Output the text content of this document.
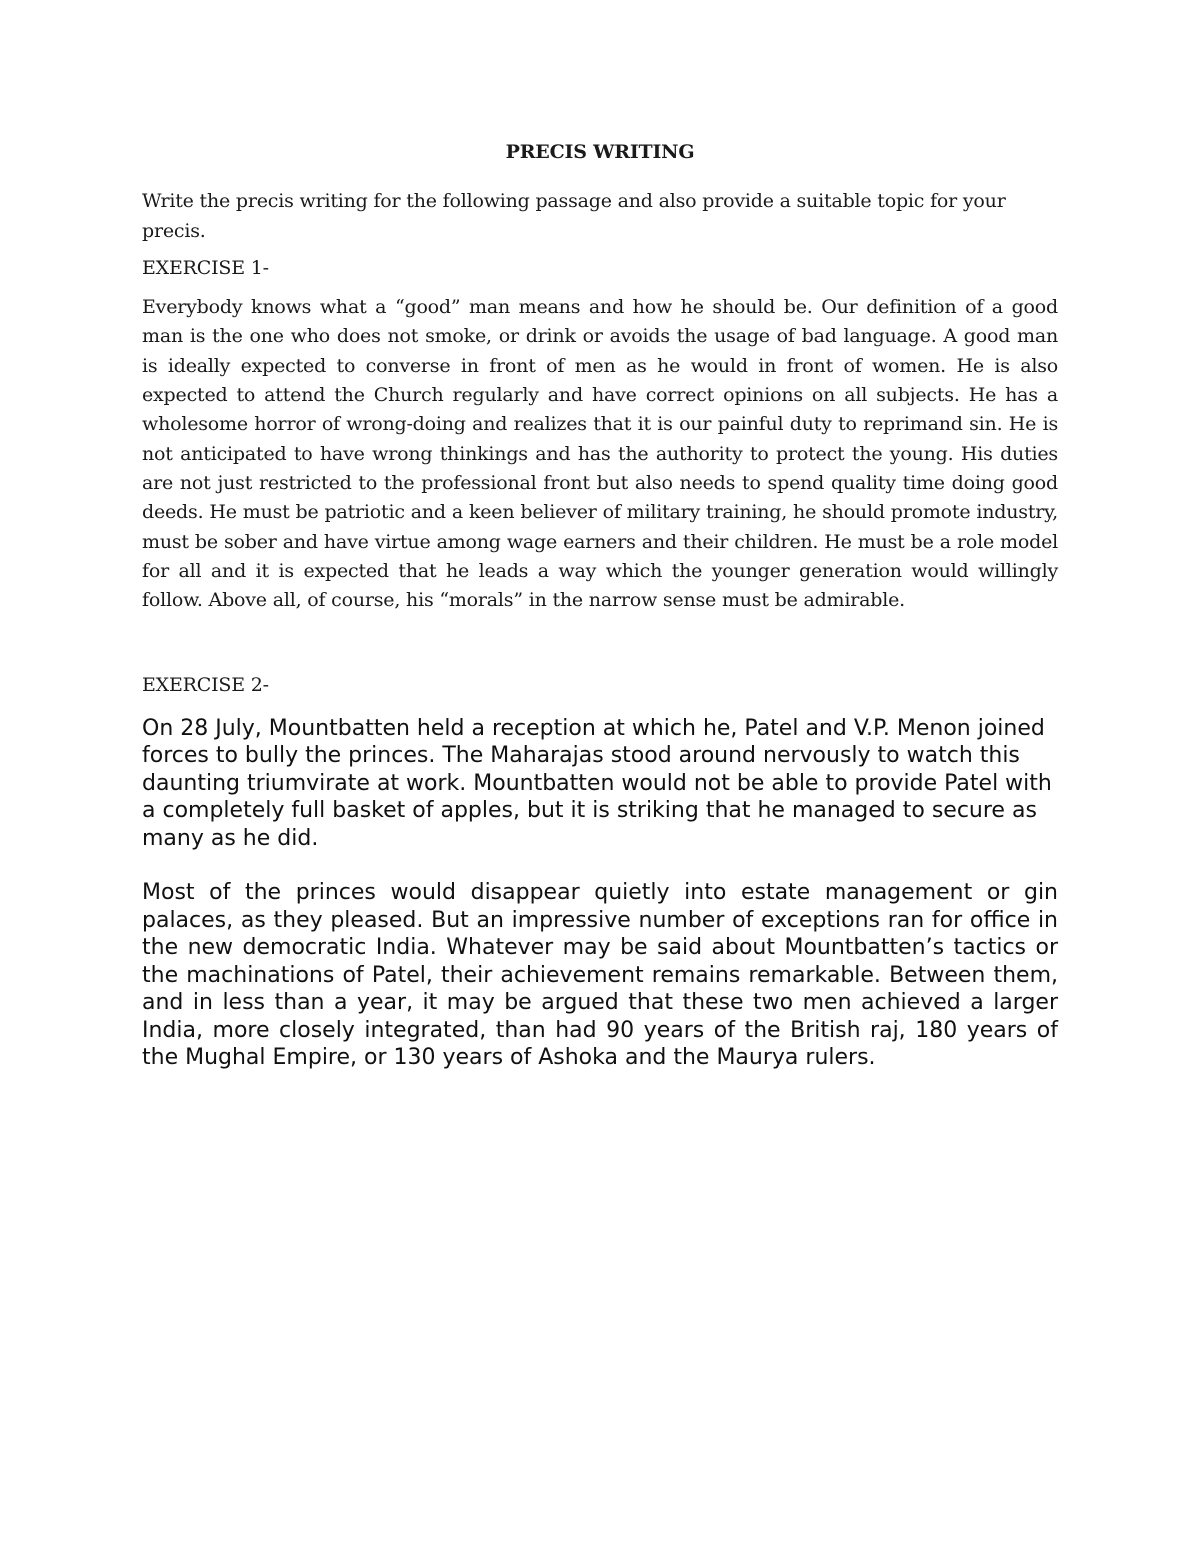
PRECIS WRITING

Write the precis writing for the following passage and also provide a suitable topic for your precis.

EXERCISE 1-

Everybody knows what a “good” man means and how he should be. Our definition of a good man is the one who does not smoke, or drink or avoids the usage of bad language. A good man is ideally expected to converse in front of men as he would in front of women. He is also expected to attend the Church regularly and have correct opinions on all subjects. He has a wholesome horror of wrong-doing and realizes that it is our painful duty to reprimand sin. He is not anticipated to have wrong thinkings and has the authority to protect the young. His duties are not just restricted to the professional front but also needs to spend quality time doing good deeds. He must be patriotic and a keen believer of military training, he should promote industry, must be sober and have virtue among wage earners and their children. He must be a role model for all and it is expected that he leads a way which the younger generation would willingly follow. Above all, of course, his “morals” in the narrow sense must be admirable.

EXERCISE 2-

On 28 July, Mountbatten held a reception at which he, Patel and V.P. Menon joined forces to bully the princes. The Maharajas stood around nervously to watch this daunting triumvirate at work. Mountbatten would not be able to provide Patel with a completely full basket of apples, but it is striking that he managed to secure as many as he did.

Most of the princes would disappear quietly into estate management or gin palaces, as they pleased. But an impressive number of exceptions ran for office in the new democratic India. Whatever may be said about Mountbatten’s tactics or the machinations of Patel, their achievement remains remarkable. Between them, and in less than a year, it may be argued that these two men achieved a larger India, more closely integrated, than had 90 years of the British raj, 180 years of the Mughal Empire, or 130 years of Ashoka and the Maurya rulers.
